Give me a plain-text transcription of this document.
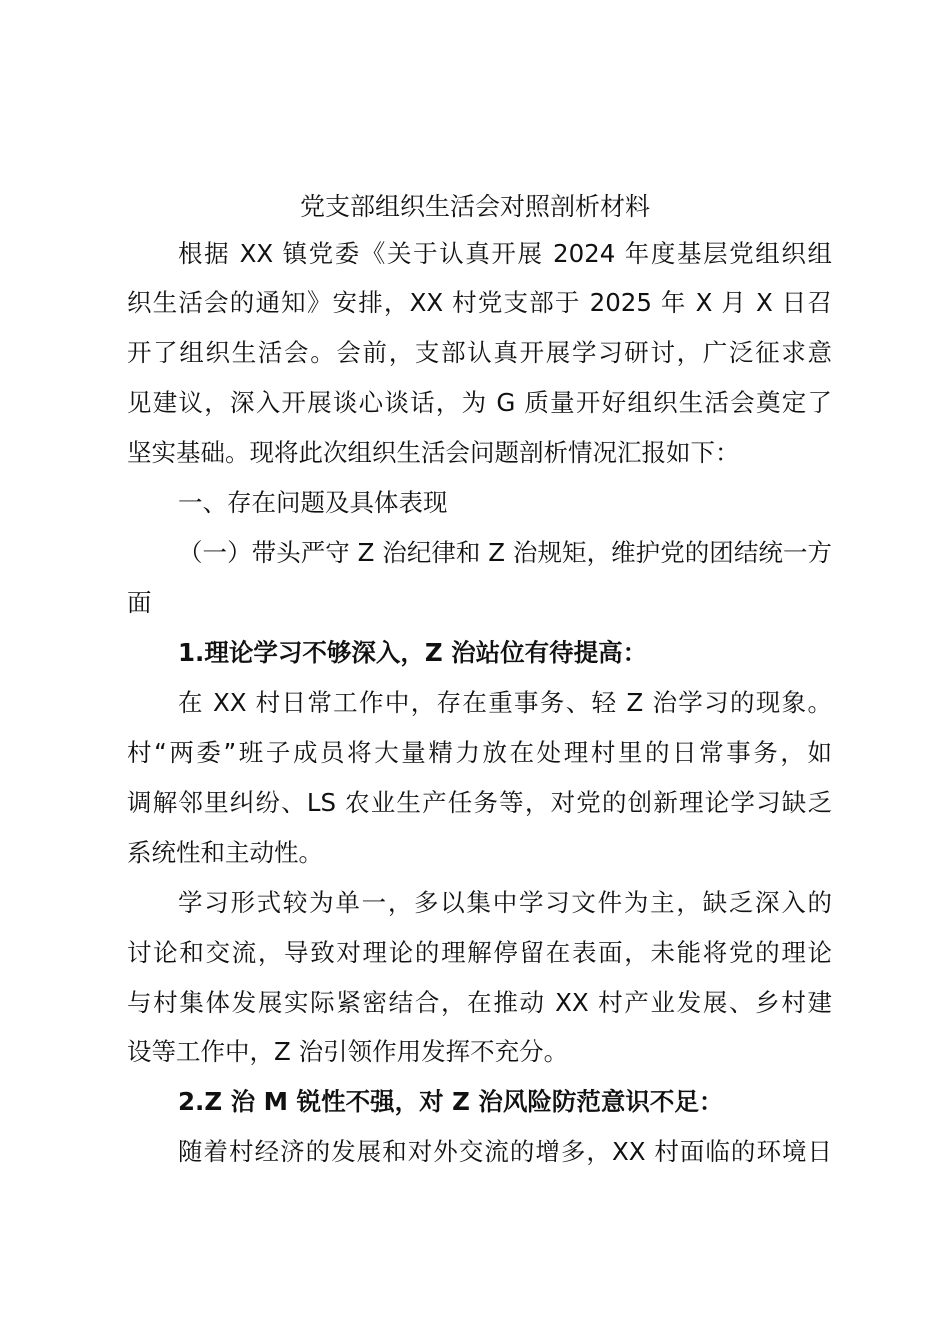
党支部组织生活会对照剖析材料
根据 XX 镇党委《关于认真开展 2024 年度基层党组织组
织生活会的通知》安排，XX 村党支部于 2025 年 X 月 X 日召
开了组织生活会。会前，支部认真开展学习研讨，广泛征求意
见建议，深入开展谈心谈话，为 G 质量开好组织生活会奠定了
坚实基础。现将此次组织生活会问题剖析情况汇报如下：
一、存在问题及具体表现
（一）带头严守 Z 治纪律和 Z 治规矩，维护党的团结统一方
面
1.理论学习不够深入，Z 治站位有待提高：
在 XX 村日常工作中，存在重事务、轻 Z 治学习的现象。
村“两委”班子成员将大量精力放在处理村里的日常事务，如
调解邻里纠纷、LS 农业生产任务等，对党的创新理论学习缺乏
系统性和主动性。
学习形式较为单一，多以集中学习文件为主，缺乏深入的
讨论和交流，导致对理论的理解停留在表面，未能将党的理论
与村集体发展实际紧密结合，在推动 XX 村产业发展、乡村建
设等工作中，Z 治引领作用发挥不充分。
2.Z 治 M 锐性不强，对 Z 治风险防范意识不足：
随着村经济的发展和对外交流的增多，XX 村面临的环境日
